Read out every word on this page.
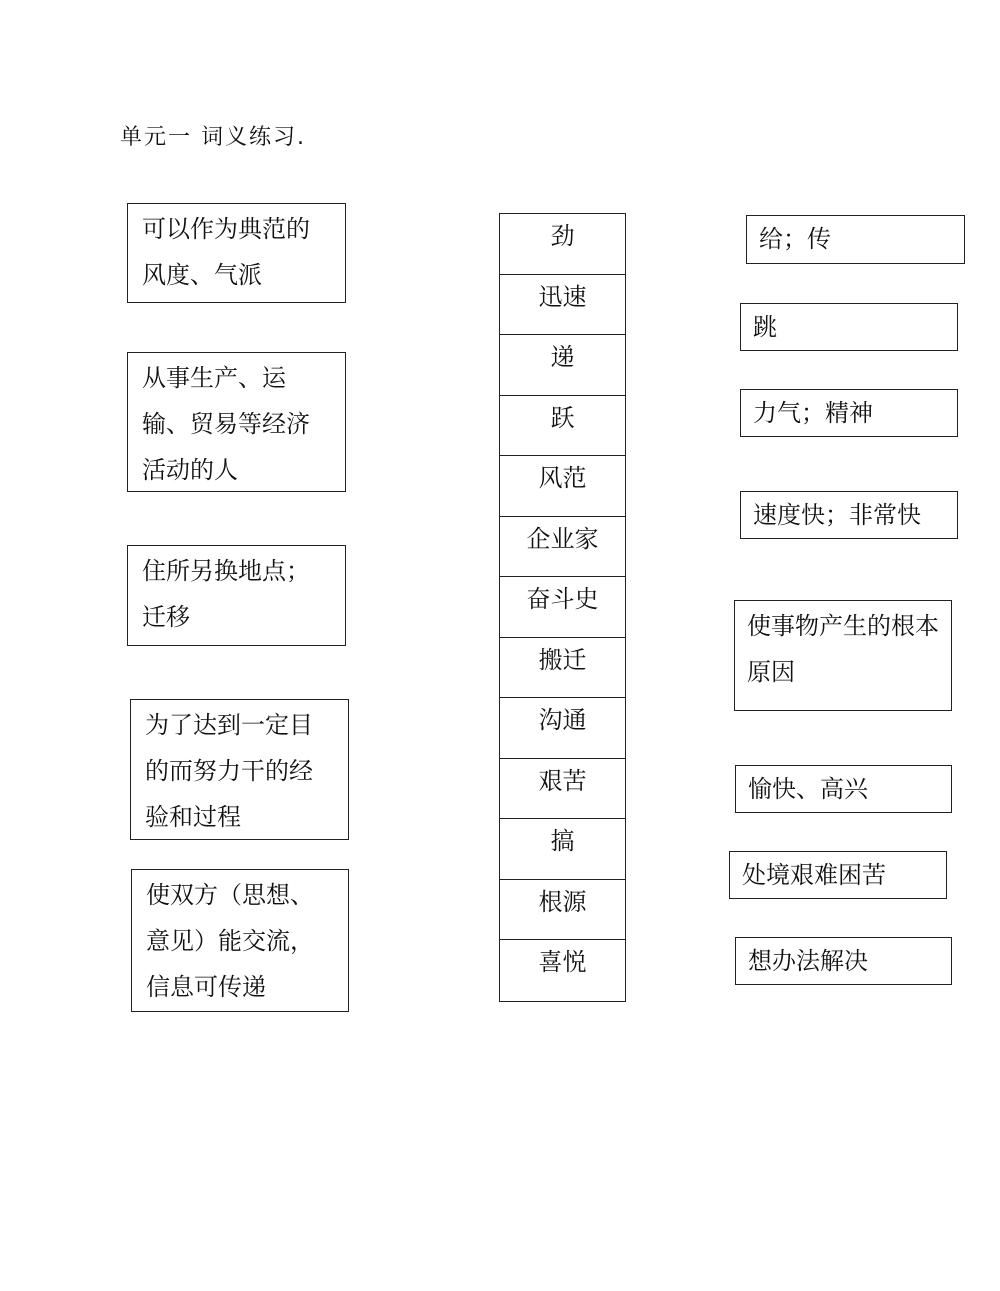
单元一 词义练习.
可以作为典范的风度、气派
从事生产、运输、贸易等经济活动的人
住所另换地点；迁移
为了达到一定目的而努力干的经验和过程
使双方（思想、意见）能交流，信息可传递
劲
迅速
递
跃
风范
企业家
奋斗史
搬迁
沟通
艰苦
搞
根源
喜悦
给；传
跳
力气；精神
速度快；非常快
使事物产生的根本原因
愉快、高兴
处境艰难困苦
想办法解决
